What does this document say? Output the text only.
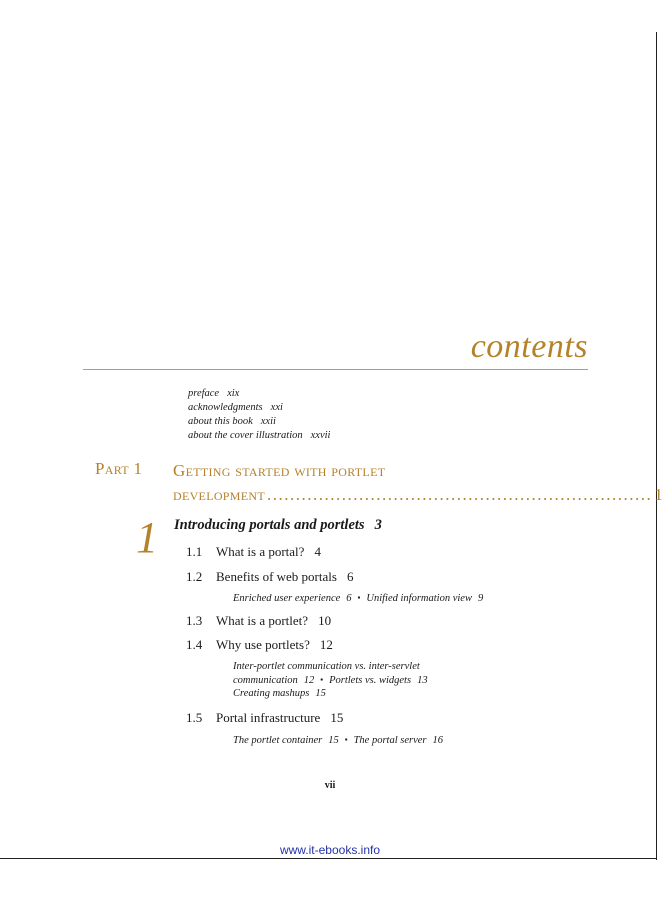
contents
preface xix
acknowledgments xxi
about this book xxii
about the cover illustration xxvii
Part 1 Getting started with portlet
development ................................................................... 1
1 Introducing portals and portlets 3
1.1 What is a portal? 4
1.2 Benefits of web portals 6
Enriched user experience 6 ▪ Unified information view 9
1.3 What is a portlet? 10
1.4 Why use portlets? 12
Inter-portlet communication vs. inter-servlet
communication 12 ▪ Portlets vs. widgets 13
Creating mashups 15
1.5 Portal infrastructure 15
The portlet container 15 ▪ The portal server 16
vii
www.it-ebooks.info
